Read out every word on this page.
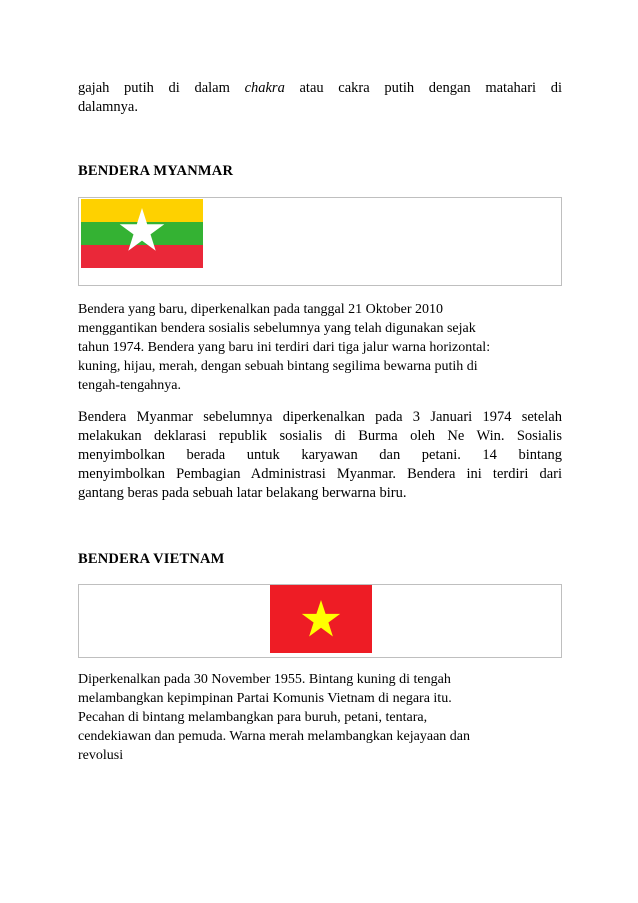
gajah putih di dalam chakra atau cakra putih dengan matahari di
dalamnya.
BENDERA MYANMAR
Bendera yang baru, diperkenalkan pada tanggal 21 Oktober 2010
menggantikan bendera sosialis sebelumnya yang telah digunakan sejak
tahun 1974. Bendera yang baru ini terdiri dari tiga jalur warna horizontal:
kuning, hijau, merah, dengan sebuah bintang segilima bewarna putih di
tengah-tengahnya.
Bendera Myanmar sebelumnya diperkenalkan pada 3 Januari 1974 setelah
melakukan deklarasi republik sosialis di Burma oleh Ne Win. Sosialis
menyimbolkan berada untuk karyawan dan petani. 14 bintang
menyimbolkan Pembagian Administrasi Myanmar. Bendera ini terdiri dari
gantang beras pada sebuah latar belakang berwarna biru.
BENDERA VIETNAM
Diperkenalkan pada 30 November 1955. Bintang kuning di tengah
melambangkan kepimpinan Partai Komunis Vietnam di negara itu.
Pecahan di bintang melambangkan para buruh, petani, tentara,
cendekiawan dan pemuda. Warna merah melambangkan kejayaan dan
revolusi
